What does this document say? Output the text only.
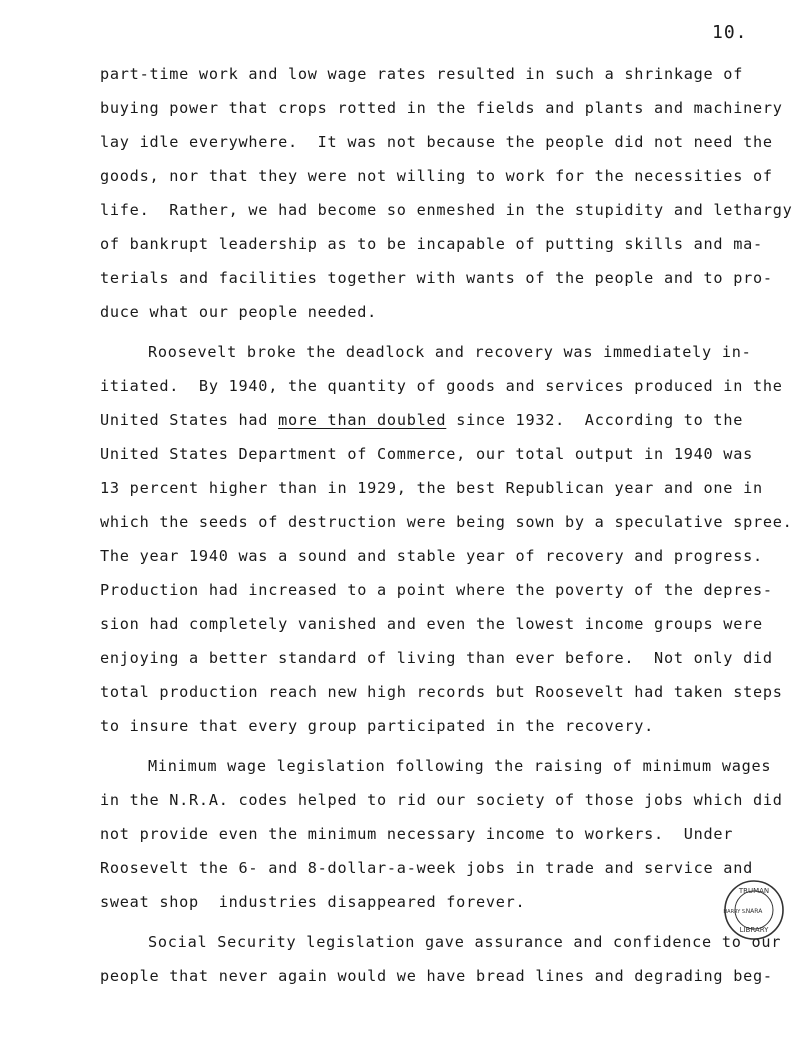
10.
part-time work and low wage rates resulted in such a shrinkage of
buying power that crops rotted in the fields and plants and machinery
lay idle everywhere.  It was not because the people did not need the
goods, nor that they were not willing to work for the necessities of
life.  Rather, we had become so enmeshed in the stupidity and lethargy
of bankrupt leadership as to be incapable of putting skills and ma-
terials and facilities together with wants of the people and to pro-
duce what our people needed.
Roosevelt broke the deadlock and recovery was immediately in-
itiated.  By 1940, the quantity of goods and services produced in the
United States had more than doubled since 1932.  According to the
United States Department of Commerce, our total output in 1940 was
13 percent higher than in 1929, the best Republican year and one in
which the seeds of destruction were being sown by a speculative spree.
The year 1940 was a sound and stable year of recovery and progress.
Production had increased to a point where the poverty of the depres-
sion had completely vanished and even the lowest income groups were
enjoying a better standard of living than ever before.  Not only did
total production reach new high records but Roosevelt had taken steps
to insure that every group participated in the recovery.
Minimum wage legislation following the raising of minimum wages
in the N.R.A. codes helped to rid our society of those jobs which did
not provide even the minimum necessary income to workers.  Under
Roosevelt the 6- and 8-dollar-a-week jobs in trade and service and
sweat shop  industries disappeared forever.
Social Security legislation gave assurance and confidence to our
people that never again would we have bread lines and degrading beg-
TRUMAN
LIBRARY
HARRY S. NARA
